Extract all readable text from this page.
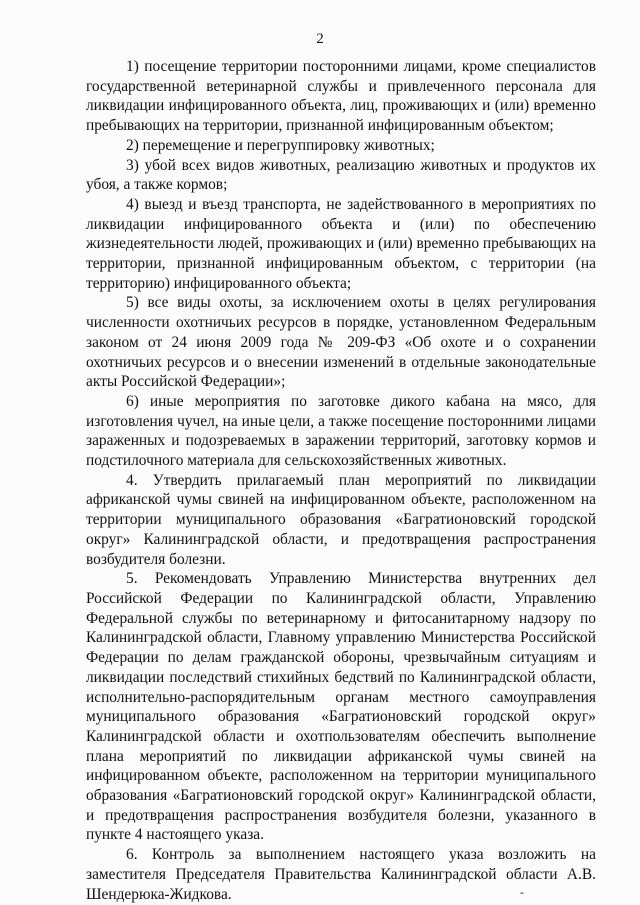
2

1) посещение территории посторонними лицами, кроме специалистов государственной ветеринарной службы и привлеченного персонала для ликвидации инфицированного объекта, лиц, проживающих и (или) временно пребывающих на территории, признанной инфицированным объектом;

2) перемещение и перегруппировку животных;

3) убой всех видов животных, реализацию животных и продуктов их убоя, а также кормов;

4) выезд и въезд транспорта, не задействованного в мероприятиях по ликвидации инфицированного объекта и (или) по обеспечению жизнедеятельности людей, проживающих и (или) временно пребывающих на территории, признанной инфицированным объектом, с территории (на территорию) инфицированного объекта;

5) все виды охоты, за исключением охоты в целях регулирования численности охотничьих ресурсов в порядке, установленном Федеральным законом от 24 июня 2009 года № 209-ФЗ «Об охоте и о сохранении охотничьих ресурсов и о внесении изменений в отдельные законодательные акты Российской Федерации»;

6) иные мероприятия по заготовке дикого кабана на мясо, для изготовления чучел, на иные цели, а также посещение посторонними лицами зараженных и подозреваемых в заражении территорий, заготовку кормов и подстилочного материала для сельскохозяйственных животных.

4. Утвердить прилагаемый план мероприятий по ликвидации африканской чумы свиней на инфицированном объекте, расположенном на территории муниципального образования «Багратионовский городской округ» Калининградской области, и предотвращения распространения возбудителя болезни.

5. Рекомендовать Управлению Министерства внутренних дел Российской Федерации по Калининградской области, Управлению Федеральной службы по ветеринарному и фитосанитарному надзору по Калининградской области, Главному управлению Министерства Российской Федерации по делам гражданской обороны, чрезвычайным ситуациям и ликвидации последствий стихийных бедствий по Калининградской области, исполнительно-распорядительным органам местного самоуправления муниципального образования «Багратионовский городской округ» Калининградской области и охотпользователям обеспечить выполнение плана мероприятий по ликвидации африканской чумы свиней на инфицированном объекте, расположенном на территории муниципального образования «Багратионовский городской округ» Калининградской области, и предотвращения распространения возбудителя болезни, указанного в пункте 4 настоящего указа.

6. Контроль за выполнением настоящего указа возложить на заместителя Председателя Правительства Калининградской области А.В. Шендерюка-Жидкова.	-
